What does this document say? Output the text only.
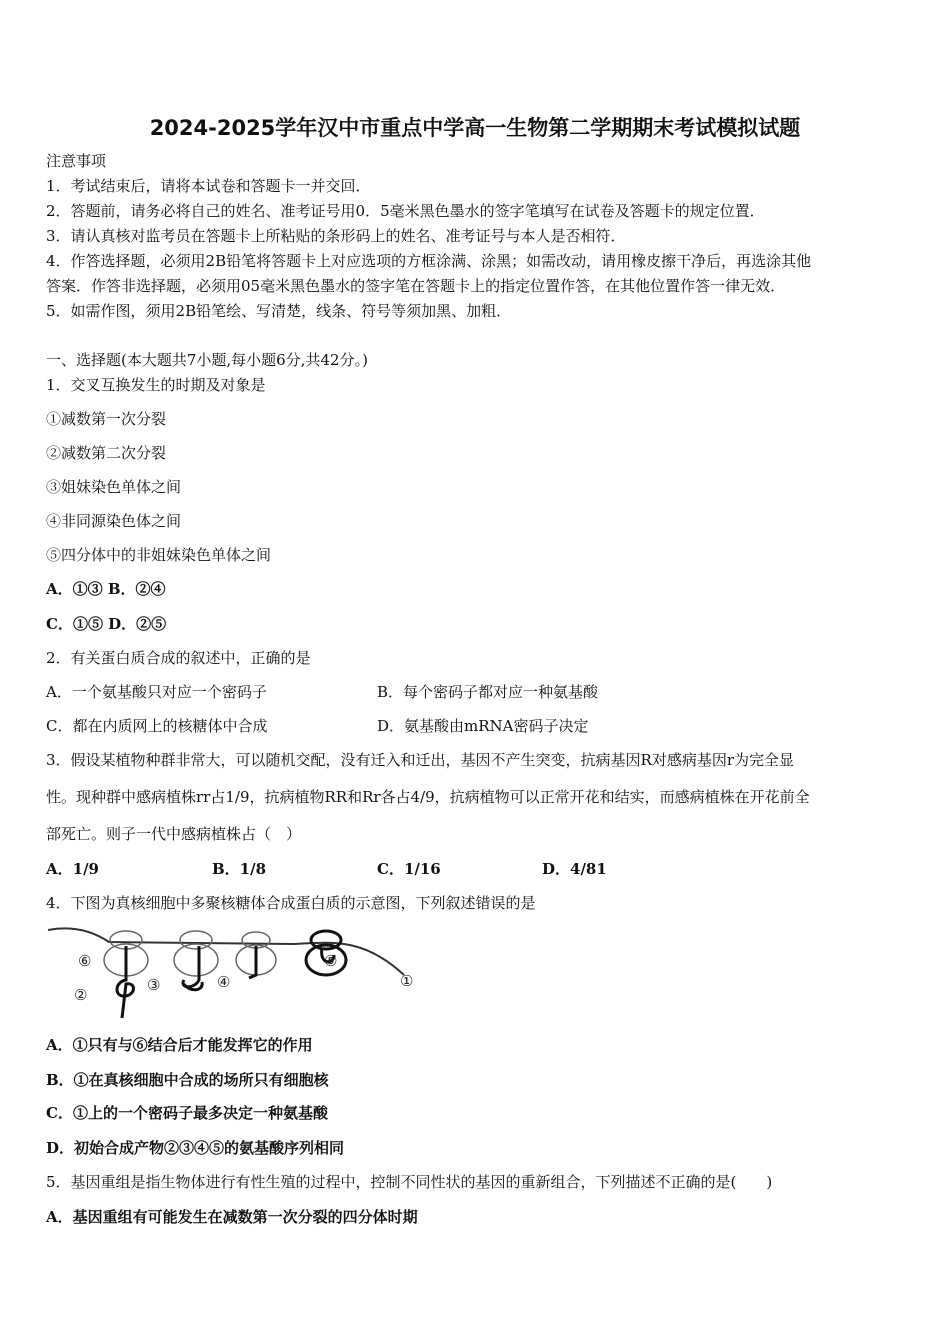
2024-2025学年汉中市重点中学高一生物第二学期期末考试模拟试题
注意事项
1．考试结束后，请将本试卷和答题卡一并交回．
2．答题前，请务必将自己的姓名、准考证号用0．5毫米黑色墨水的签字笔填写在试卷及答题卡的规定位置．
3．请认真核对监考员在答题卡上所粘贴的条形码上的姓名、准考证号与本人是否相符．
4．作答选择题，必须用2B铅笔将答题卡上对应选项的方框涂满、涂黑；如需改动，请用橡皮擦干净后，再选涂其他
答案．作答非选择题，必须用05毫米黑色墨水的签字笔在答题卡上的指定位置作答，在其他位置作答一律无效．
5．如需作图，须用2B铅笔绘、写清楚，线条、符号等须加黑、加粗．
一、选择题(本大题共7小题,每小题6分,共42分。)
1．交叉互换发生的时期及对象是
①减数第一次分裂
②减数第二次分裂
③姐妹染色单体之间
④非同源染色体之间
⑤四分体中的非姐妹染色单体之间
A．①③ B．②④
C．①⑤ D．②⑤
2．有关蛋白质合成的叙述中，正确的是
A．一个氨基酸只对应一个密码子	B．每个密码子都对应一种氨基酸
C．都在内质网上的核糖体中合成	D．氨基酸由mRNA密码子决定
3．假设某植物种群非常大，可以随机交配，没有迁入和迁出，基因不产生突变，抗病基因R对感病基因r为完全显
性。现种群中感病植株rr占1/9，抗病植物RR和Rr各占4/9，抗病植物可以正常开花和结实，而感病植株在开花前全
部死亡。则子一代中感病植株占（　）
A．1/9	B．1/8	C．1/16	D．4/81
4．下图为真核细胞中多聚核糖体合成蛋白质的示意图，下列叙述错误的是
⑥
②
③	④
⑤
①
A．①只有与⑥结合后才能发挥它的作用
B．①在真核细胞中合成的场所只有细胞核
C．①上的一个密码子最多决定一种氨基酸
D．初始合成产物②③④⑤的氨基酸序列相同
5．基因重组是指生物体进行有性生殖的过程中，控制不同性状的基因的重新组合，下列描述不正确的是(　　)
A．基因重组有可能发生在减数第一次分裂的四分体时期
